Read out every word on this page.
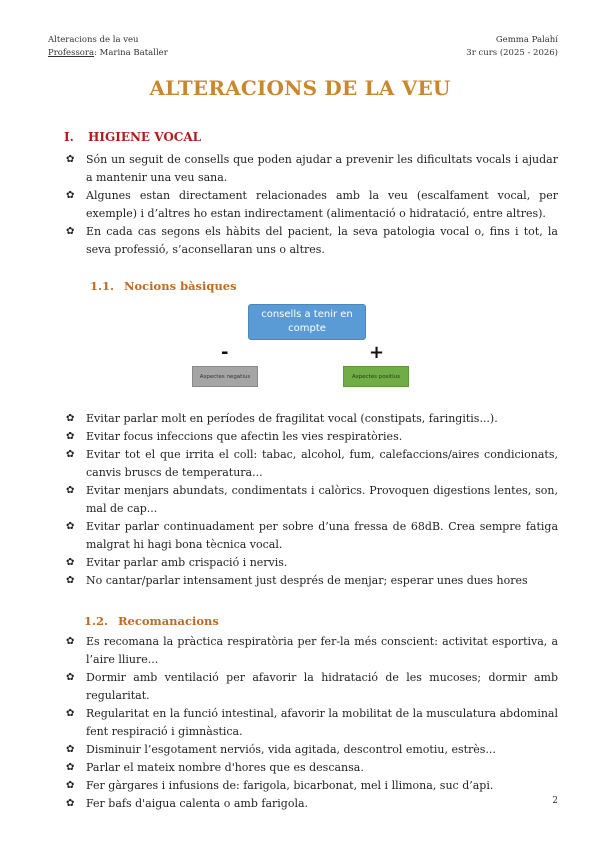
Alteracions de la veu
Professora: Marina Bataller
Gemma Palahí
3r curs (2025 - 2026)
ALTERACIONS DE LA VEU
I. HIGIENE VOCAL
✿ Són un seguit de consells que poden ajudar a prevenir les dificultats vocals i ajudar a mantenir una veu sana.
✿ Algunes estan directament relacionades amb la veu (escalfament vocal, per exemple) i d’altres ho estan indirectament (alimentació o hidratació, entre altres).
✿ En cada cas segons els hàbits del pacient, la seva patologia vocal o, fins i tot, la seva professió, s’aconsellaran uns o altres.
1.1. Nocions bàsiques
consells a tenir en compte
-	+
Aspectes negatius	Aspectes positius
✿ Evitar parlar molt en períodes de fragilitat vocal (constipats, faringitis...).
✿ Evitar focus infeccions que afectin les vies respiratòries.
✿ Evitar tot el que irrita el coll: tabac, alcohol, fum, calefaccions/aires condicionats, canvis bruscs de temperatura...
✿ Evitar menjars abundats, condimentats i calòrics. Provoquen digestions lentes, son, mal de cap...
✿ Evitar parlar continuadament per sobre d’una fressa de 68dB. Crea sempre fatiga malgrat hi hagi bona tècnica vocal.
✿ Evitar parlar amb crispació i nervis.
✿ No cantar/parlar intensament just després de menjar; esperar unes dues hores
1.2. Recomanacions
✿ Es recomana la pràctica respiratòria per fer-la més conscient: activitat esportiva, a l’aire lliure...
✿ Dormir amb ventilació per afavorir la hidratació de les mucoses; dormir amb regularitat.
✿ Regularitat en la funció intestinal, afavorir la mobilitat de la musculatura abdominal fent respiració i gimnàstica.
✿ Disminuir l’esgotament nerviós, vida agitada, descontrol emotiu, estrès...
✿ Parlar el mateix nombre d'hores que es descansa.
✿ Fer gàrgares i infusions de: farigola, bicarbonat, mel i llimona, suc d’api.
✿ Fer bafs d'aigua calenta o amb farigola.	2
